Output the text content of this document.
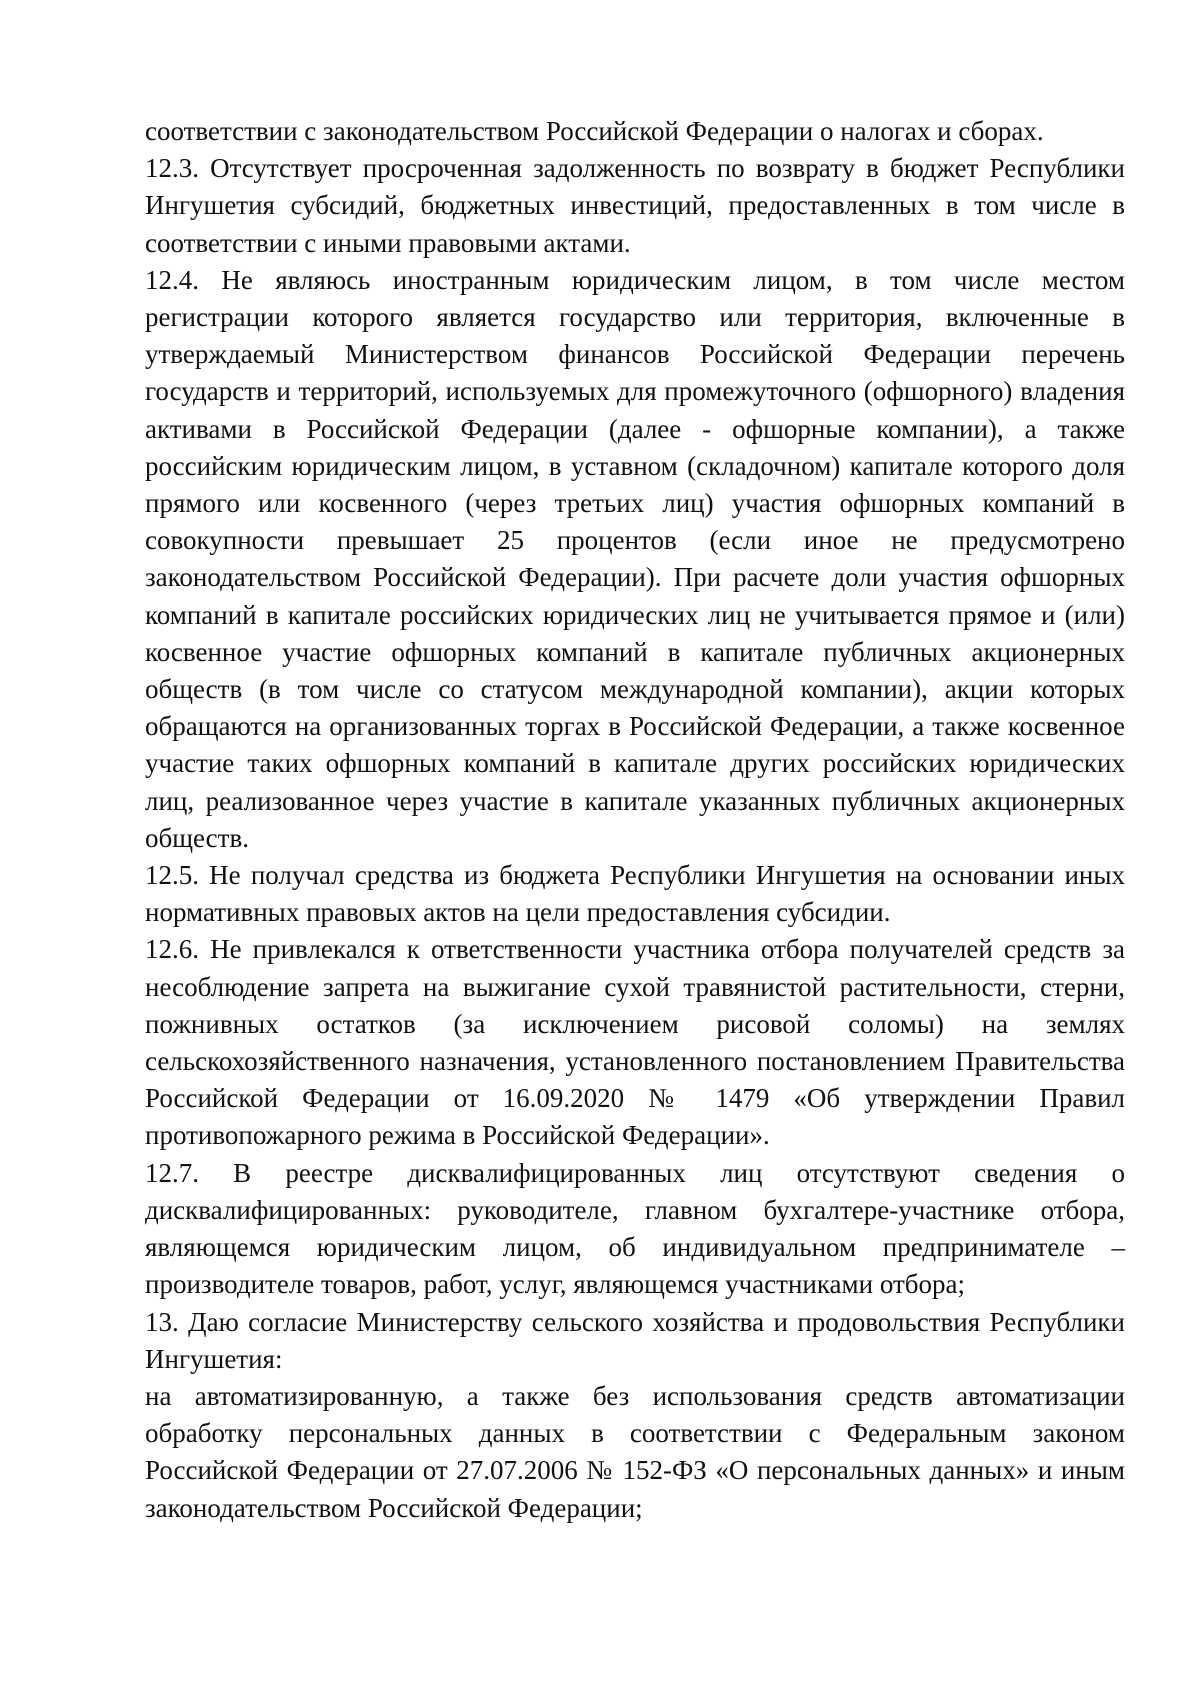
соответствии с законодательством Российской Федерации о налогах и сборах.

12.3. Отсутствует просроченная задолженность по возврату в бюджет Республики Ингушетия субсидий, бюджетных инвестиций, предоставленных в том числе в соответствии с иными правовыми актами.

12.4. Не являюсь иностранным юридическим лицом, в том числе местом регистрации которого является государство или территория, включенные в утверждаемый Министерством финансов Российской Федерации перечень государств и территорий, используемых для промежуточного (офшорного) владения активами в Российской Федерации (далее - офшорные компании), а также российским юридическим лицом, в уставном (складочном) капитале которого доля прямого или косвенного (через третьих лиц) участия офшорных компаний в совокупности превышает 25 процентов (если иное не предусмотрено законодательством Российской Федерации). При расчете доли участия офшорных компаний в капитале российских юридических лиц не учитывается прямое и (или) косвенное участие офшорных компаний в капитале публичных акционерных обществ (в том числе со статусом международной компании), акции которых обращаются на организованных торгах в Российской Федерации, а также косвенное участие таких офшорных компаний в капитале других российских юридических лиц, реализованное через участие в капитале указанных публичных акционерных обществ.

12.5. Не получал средства из бюджета Республики Ингушетия на основании иных нормативных правовых актов на цели предоставления субсидии.

12.6. Не привлекался к ответственности участника отбора получателей средств за несоблюдение запрета на выжигание сухой травянистой растительности, стерни, пожнивных остатков (за исключением рисовой соломы) на землях сельскохозяйственного назначения, установленного постановлением Правительства Российской Федерации от 16.09.2020 № 1479 «Об утверждении Правил противопожарного режима в Российской Федерации».

12.7. В реестре дисквалифицированных лиц отсутствуют сведения о дисквалифицированных: руководителе, главном бухгалтере-участнике отбора, являющемся юридическим лицом, об индивидуальном предпринимателе – производителе товаров, работ, услуг, являющемся участниками отбора;

13. Даю согласие Министерству сельского хозяйства и продовольствия Республики Ингушетия:

на автоматизированную, а также без использования средств автоматизации обработку персональных данных в соответствии с Федеральным законом Российской Федерации от 27.07.2006 № 152-ФЗ «О персональных данных» и иным законодательством Российской Федерации;
